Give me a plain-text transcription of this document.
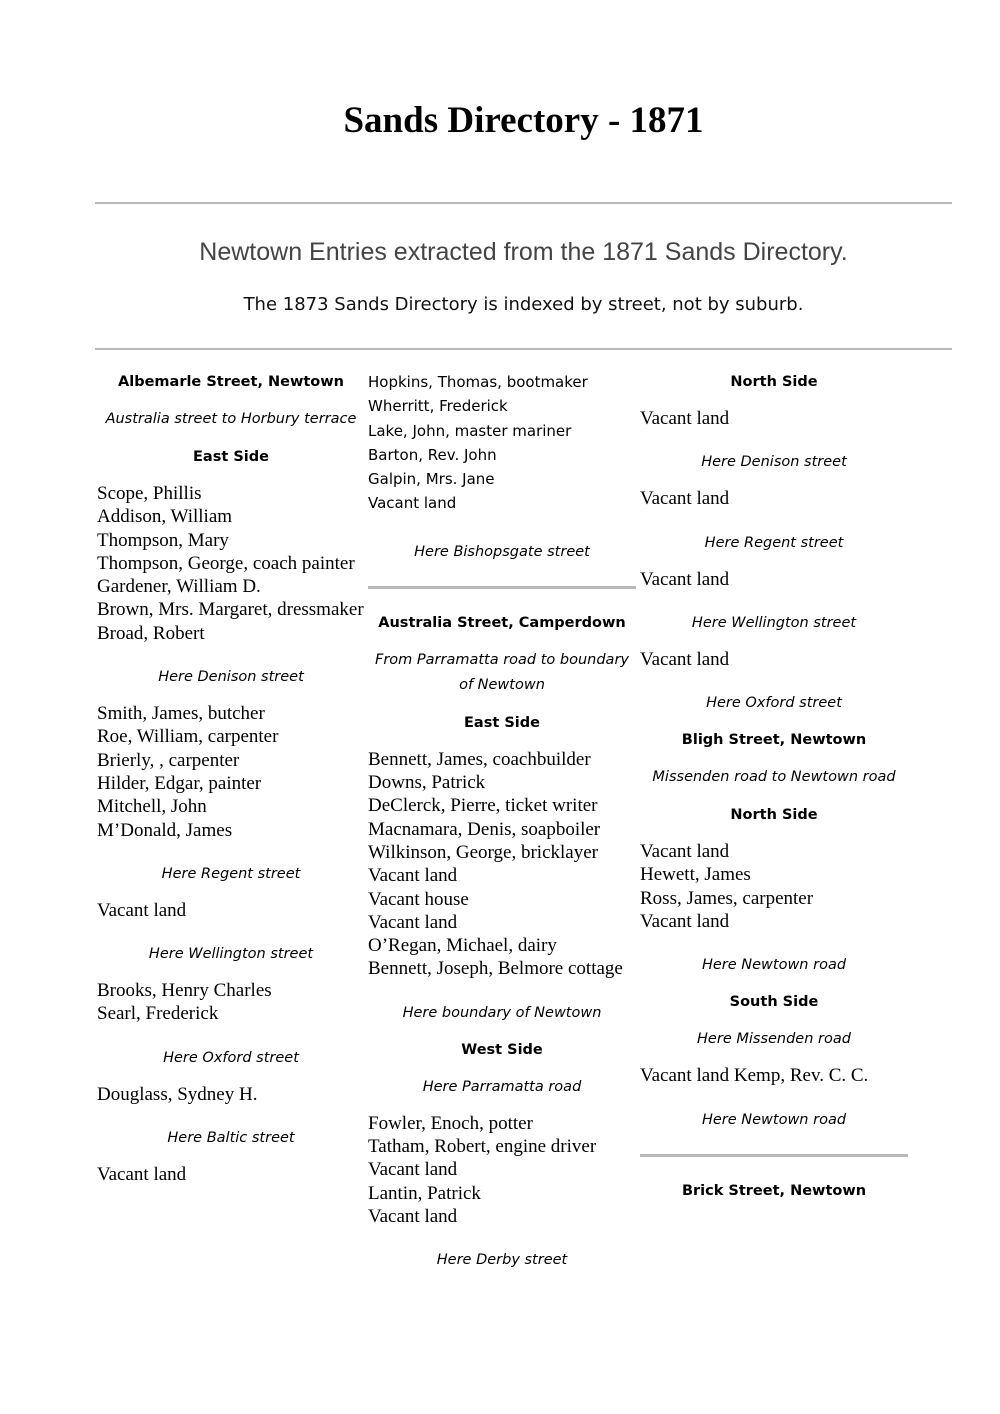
Sands Directory - 1871
Newtown Entries extracted from the 1871 Sands Directory.
The 1873 Sands Directory is indexed by street, not by suburb.
Albemarle Street, Newtown
Australia street to Horbury terrace
East Side
Scope, Phillis
Addison, William
Thompson, Mary
Thompson, George, coach painter
Gardener, William D.
Brown, Mrs. Margaret, dressmaker
Broad, Robert
Here Denison street
Smith, James, butcher
Roe, William, carpenter
Brierly, , carpenter
Hilder, Edgar, painter
Mitchell, John
M’Donald, James
Here Regent street
Vacant land
Here Wellington street
Brooks, Henry Charles
Searl, Frederick
Here Oxford street
Douglass, Sydney H.
Here Baltic street
Vacant land
Hopkins, Thomas, bootmaker
Wherritt, Frederick
Lake, John, master mariner
Barton, Rev. John
Galpin, Mrs. Jane
Vacant land
Here Bishopsgate street
Australia Street, Camperdown
From Parramatta road to boundary of Newtown
East Side
Bennett, James, coachbuilder
Downs, Patrick
DeClerck, Pierre, ticket writer
Macnamara, Denis, soapboiler
Wilkinson, George, bricklayer
Vacant land
Vacant house
Vacant land
O’Regan, Michael, dairy
Bennett, Joseph, Belmore cottage
Here boundary of Newtown
West Side
Here Parramatta road
Fowler, Enoch, potter
Tatham, Robert, engine driver
Vacant land
Lantin, Patrick
Vacant land
Here Derby street
North Side
Vacant land
Here Denison street
Vacant land
Here Regent street
Vacant land
Here Wellington street
Vacant land
Here Oxford street
Bligh Street, Newtown
Missenden road to Newtown road
North Side
Vacant land
Hewett, James
Ross, James, carpenter
Vacant land
Here Newtown road
South Side
Here Missenden road
Vacant land Kemp, Rev. C. C.
Here Newtown road
Brick Street, Newtown
